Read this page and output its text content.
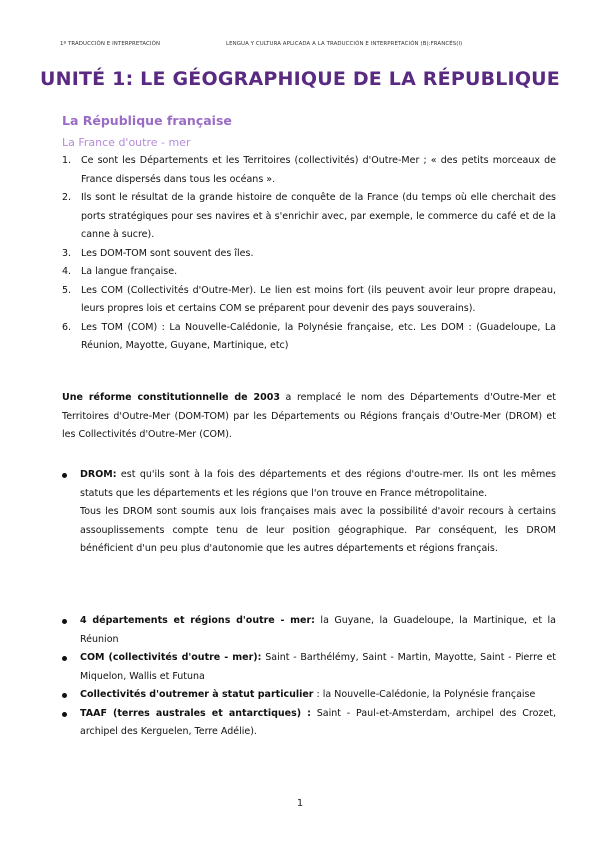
1º TRADUCCIÓN E INTERPRETACIÓN	LENGUA Y CULTURA APLICADA A LA TRADUCCIÓN E INTERPRETACIÓN (B):FRANCÉS(I)
UNITÉ 1: LE GÉOGRAPHIQUE DE LA RÉPUBLIQUE
La République française
La France d'outre - mer
1. Ce sont les Départements et les Territoires (collectivités) d'Outre-Mer ; « des petits morceaux de France dispersés dans tous les océans ».
2. Ils sont le résultat de la grande histoire de conquête de la France (du temps où elle cherchait des ports stratégiques pour ses navires et à s'enrichir avec, par exemple, le commerce du café et de la canne à sucre).
3. Les DOM-TOM sont souvent des îles.
4. La langue française.
5. Les COM (Collectivités d'Outre-Mer). Le lien est moins fort (ils peuvent avoir leur propre drapeau, leurs propres lois et certains COM se préparent pour devenir des pays souverains).
6. Les TOM (COM) : La Nouvelle-Calédonie, la Polynésie française, etc. Les DOM : (Guadeloupe, La Réunion, Mayotte, Guyane, Martinique, etc)

Une réforme constitutionnelle de 2003 a remplacé le nom des Départements d'Outre-Mer et Territoires d'Outre-Mer (DOM-TOM) par les Départements ou Régions français d'Outre-Mer (DROM) et les Collectivités d'Outre-Mer (COM).

DROM: est qu'ils sont à la fois des départements et des régions d'outre-mer. Ils ont les mêmes statuts que les départements et les régions que l'on trouve en France métropolitaine.
Tous les DROM sont soumis aux lois françaises mais avec la possibilité d'avoir recours à certains assouplissements compte tenu de leur position géographique. Par conséquent, les DROM bénéficient d'un peu plus d'autonomie que les autres départements et régions français.
4 départements et régions d'outre - mer: la Guyane, la Guadeloupe, la Martinique, et la Réunion
COM (collectivités d'outre - mer): Saint - Barthélémy, Saint - Martin, Mayotte, Saint - Pierre et Miquelon, Wallis et Futuna
Collectivités d'outremer à statut particulier : la Nouvelle-Calédonie, la Polynésie française
TAAF (terres australes et antarctiques) : Saint - Paul-et-Amsterdam, archipel des Crozet, archipel des Kerguelen, Terre Adélie).
1
